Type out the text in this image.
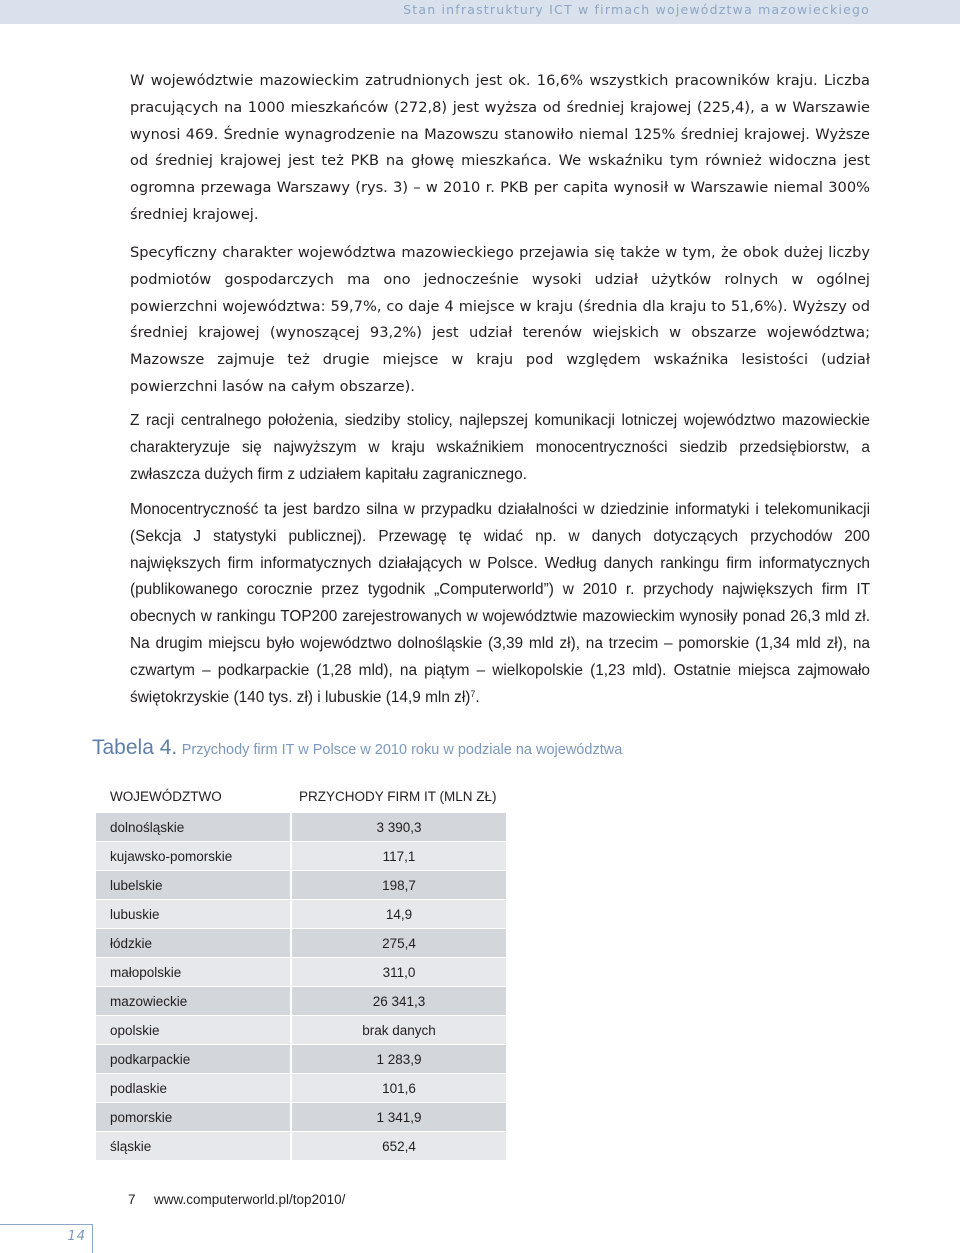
Stan infrastruktury ICT w firmach województwa mazowieckiego

W województwie mazowieckim zatrudnionych jest ok. 16,6% wszystkich pracowników kraju. Liczba pracujących na 1000 mieszkańców (272,8) jest wyższa od średniej krajowej (225,4), a w Warszawie wynosi 469. Średnie wynagrodzenie na Mazowszu stanowiło niemal 125% średniej krajowej. Wyższe od średniej krajowej jest też PKB na głowę mieszkańca. We wskaźniku tym również widoczna jest ogromna przewaga Warszawy (rys. 3) – w 2010 r. PKB per capita wynosił w Warszawie niemal 300% średniej krajowej.

Specyficzny charakter województwa mazowieckiego przejawia się także w tym, że obok dużej liczby podmiotów gospodarczych ma ono jednocześnie wysoki udział użytków rolnych w ogólnej powierzchni województwa: 59,7%, co daje 4 miejsce w kraju (średnia dla kraju to 51,6%). Wyższy od średniej krajowej (wynoszącej 93,2%) jest udział terenów wiejskich w obszarze województwa; Mazowsze zajmuje też drugie miejsce w kraju pod względem wskaźnika lesistości (udział powierzchni lasów na całym obszarze).

Z racji centralnego położenia, siedziby stolicy, najlepszej komunikacji lotniczej województwo mazowieckie charakteryzuje się najwyższym w kraju wskaźnikiem monocentryczności siedzib przedsiębiorstw, a zwłaszcza dużych firm z udziałem kapitału zagranicznego.

Monocentryczność ta jest bardzo silna w przypadku działalności w dziedzinie informatyki i telekomunikacji (Sekcja J statystyki publicznej). Przewagę tę widać np. w danych dotyczących przychodów 200 największych firm informatycznych działających w Polsce. Według danych rankingu firm informatycznych (publikowanego corocznie przez tygodnik „Computerworld”) w 2010 r. przychody największych firm IT obecnych w rankingu TOP200 zarejestrowanych w województwie mazowieckim wynosiły ponad 26,3 mld zł. Na drugim miejscu było województwo dolnośląskie (3,39 mld zł), na trzecim – pomorskie (1,34 mld zł), na czwartym – podkarpackie (1,28 mld), na piątym – wielkopolskie (1,23 mld). Ostatnie miejsca zajmowało świętokrzyskie (140 tys. zł) i lubuskie (14,9 mln zł)$^7$.

Tabela 4. Przychody firm IT w Polsce w 2010 roku w podziale na województwa
WOJEWÓDZTWO	PRZYCHODY FIRM IT (MLN ZŁ)
dolnośląskie	3 390,3
kujawsko-pomorskie	117,1
lubelskie	198,7
lubuskie	14,9
łódzkie	275,4
małopolskie	311,0
mazowieckie	26 341,3
opolskie	brak danych
podkarpackie	1 283,9
podlaskie	101,6
pomorskie	1 341,9
śląskie	652,4
7 www.computerworld.pl/top2010/
14
